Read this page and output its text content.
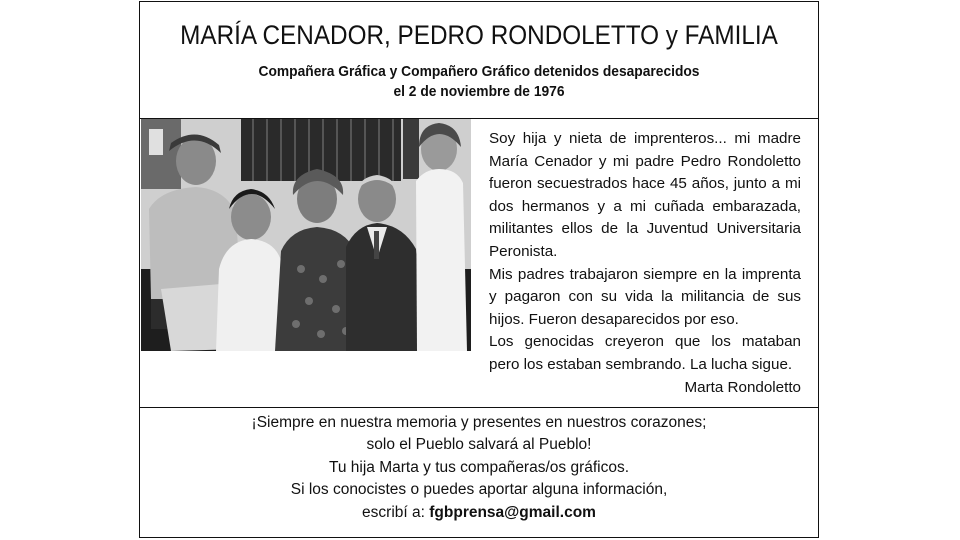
MARÍA CENADOR, PEDRO RONDOLETTO y FAMILIA
Compañera Gráfica y Compañero Gráfico detenidos desaparecidos
el 2 de noviembre de 1976

Soy hija y nieta de imprenteros... mi madre María Cenador y mi padre Pedro Rondoletto fueron secuestrados hace 45 años, junto a mi dos hermanos y a mi cuñada embarazada, militantes ellos de la Juventud Universitaria Peronista.

Mis padres trabajaron siempre en la imprenta y pagaron con su vida la militancia de sus hijos. Fueron desaparecidos por eso.

Los genocidas creyeron que los mataban pero los estaban sembrando. La lucha sigue.

Marta Rondoletto

¡Siempre en nuestra memoria y presentes en nuestros corazones;
solo el Pueblo salvará al Pueblo!
Tu hija Marta y tus compañeras/os gráficos.
Si los conocistes o puedes aportar alguna información,
escribí a: fgbprensa@gmail.com
